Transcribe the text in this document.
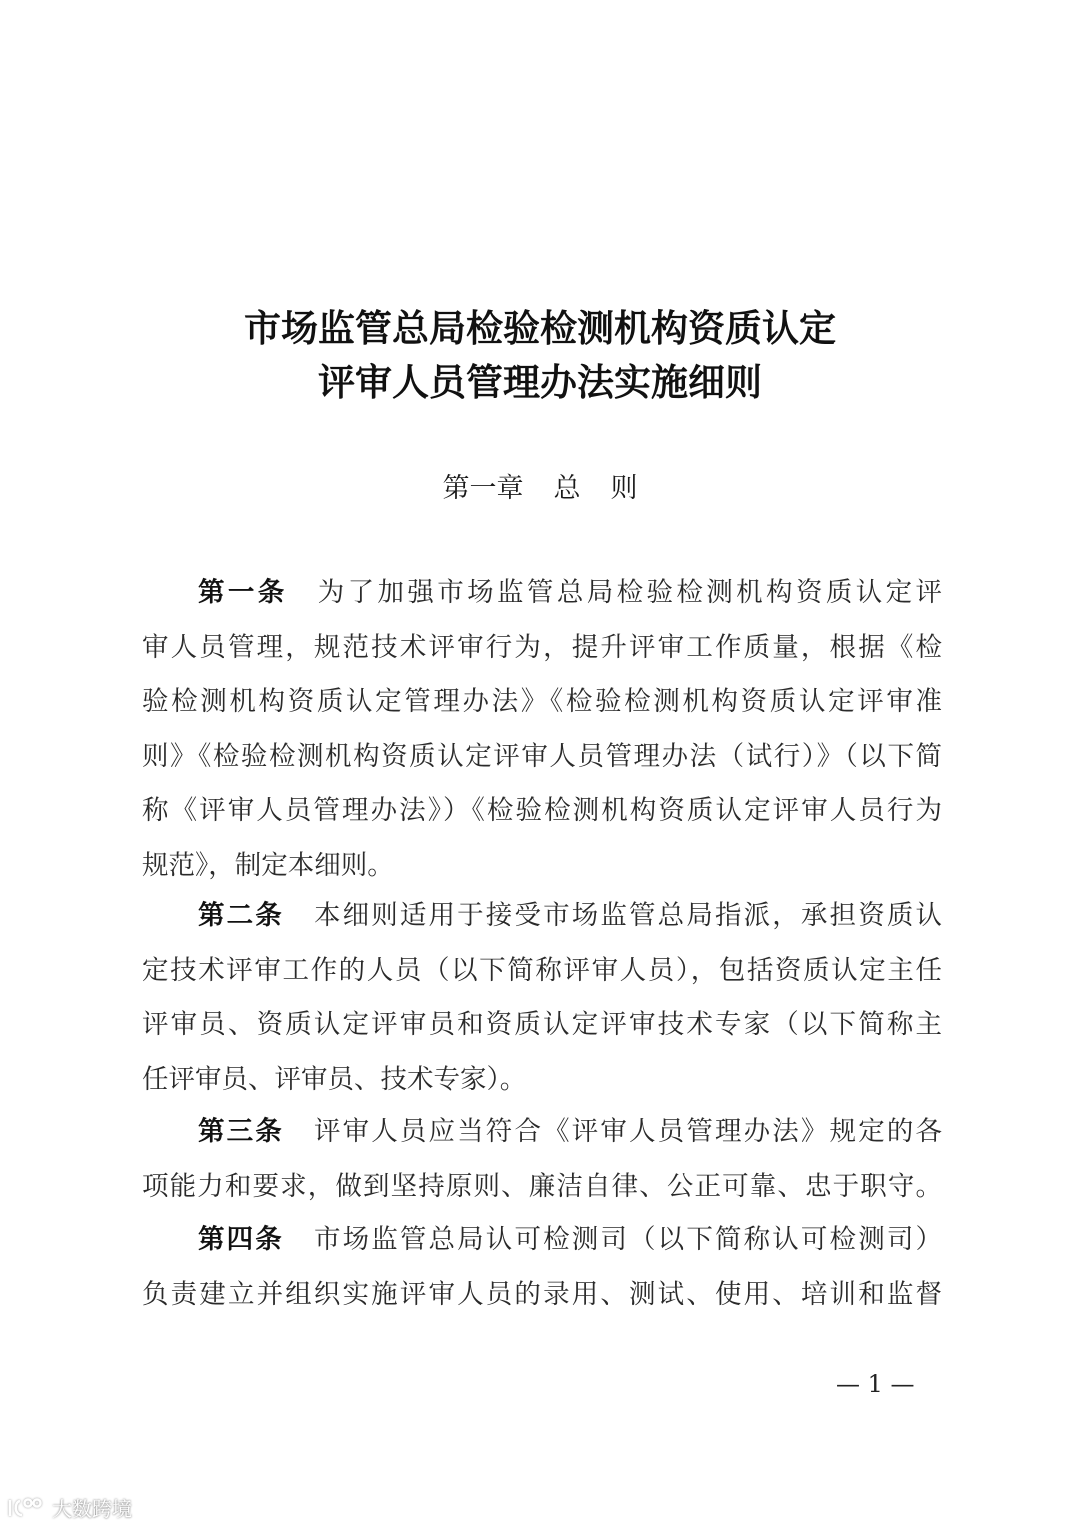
市场监管总局检验检测机构资质认定
评审人员管理办法实施细则
第一章 总 则
第一条 为了加强市场监管总局检验检测机构资质认定评
审人员管理，规范技术评审行为，提升评审工作质量，根据《检
验检测机构资质认定管理办法》《检验检测机构资质认定评审准
则》《检验检测机构资质认定评审人员管理办法（试行）》（以下简
称《评审人员管理办法》）《检验检测机构资质认定评审人员行为
规范》，制定本细则。
第二条 本细则适用于接受市场监管总局指派，承担资质认
定技术评审工作的人员（以下简称评审人员），包括资质认定主任
评审员、资质认定评审员和资质认定评审技术专家（以下简称主
任评审员、评审员、技术专家）。
第三条 评审人员应当符合《评审人员管理办法》规定的各
项能力和要求，做到坚持原则、廉洁自律、公正可靠、忠于职守。
第四条 市场监管总局认可检测司（以下简称认可检测司）
负责建立并组织实施评审人员的录用、测试、使用、培训和监督
— 1 —
大数跨境
